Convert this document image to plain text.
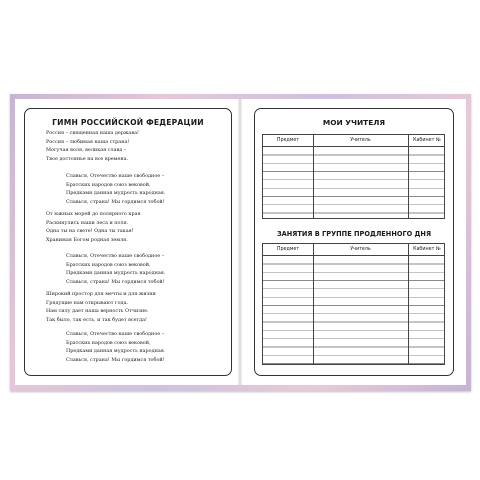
ГИМН РОССИЙСКОЙ ФЕДЕРАЦИИ
Россия – священная наша держава!
Россия – любимая наша страна!
Могучая воля, великая слава –
Твое достоянье на все времена.
Славься, Отечество наше свободное –
Братских народов союз вековой,
Предками данная мудрость народная.
Славься, страна! Мы гордимся тобой!
От южных морей до полярного края
Раскинулись наши леса и поля.
Одна ты на свете! Одна ты такая!
Хранимая Богом родная земля.
Славься, Отечество наше свободное –
Братских народов союз вековой,
Предками данная мудрость народная.
Славься, страна! Мы гордимся тобой!
Широкий простор для мечты и для жизни
Грядущие нам открывают года.
Нам силу дает наша верность Отчизне.
Так было, так есть, и так будет всегда!
Славься, Отечество наше свободное –
Братских народов союз вековой,
Предками данная мудрость народная.
Славься, страна! Мы гордимся тобой!
МОИ УЧИТЕЛЯ
Предмет	Учитель	Кабинет №
ЗАНЯТИЯ В ГРУППЕ ПРОДЛЕННОГО ДНЯ
Предмет	Учитель	Кабинет №
